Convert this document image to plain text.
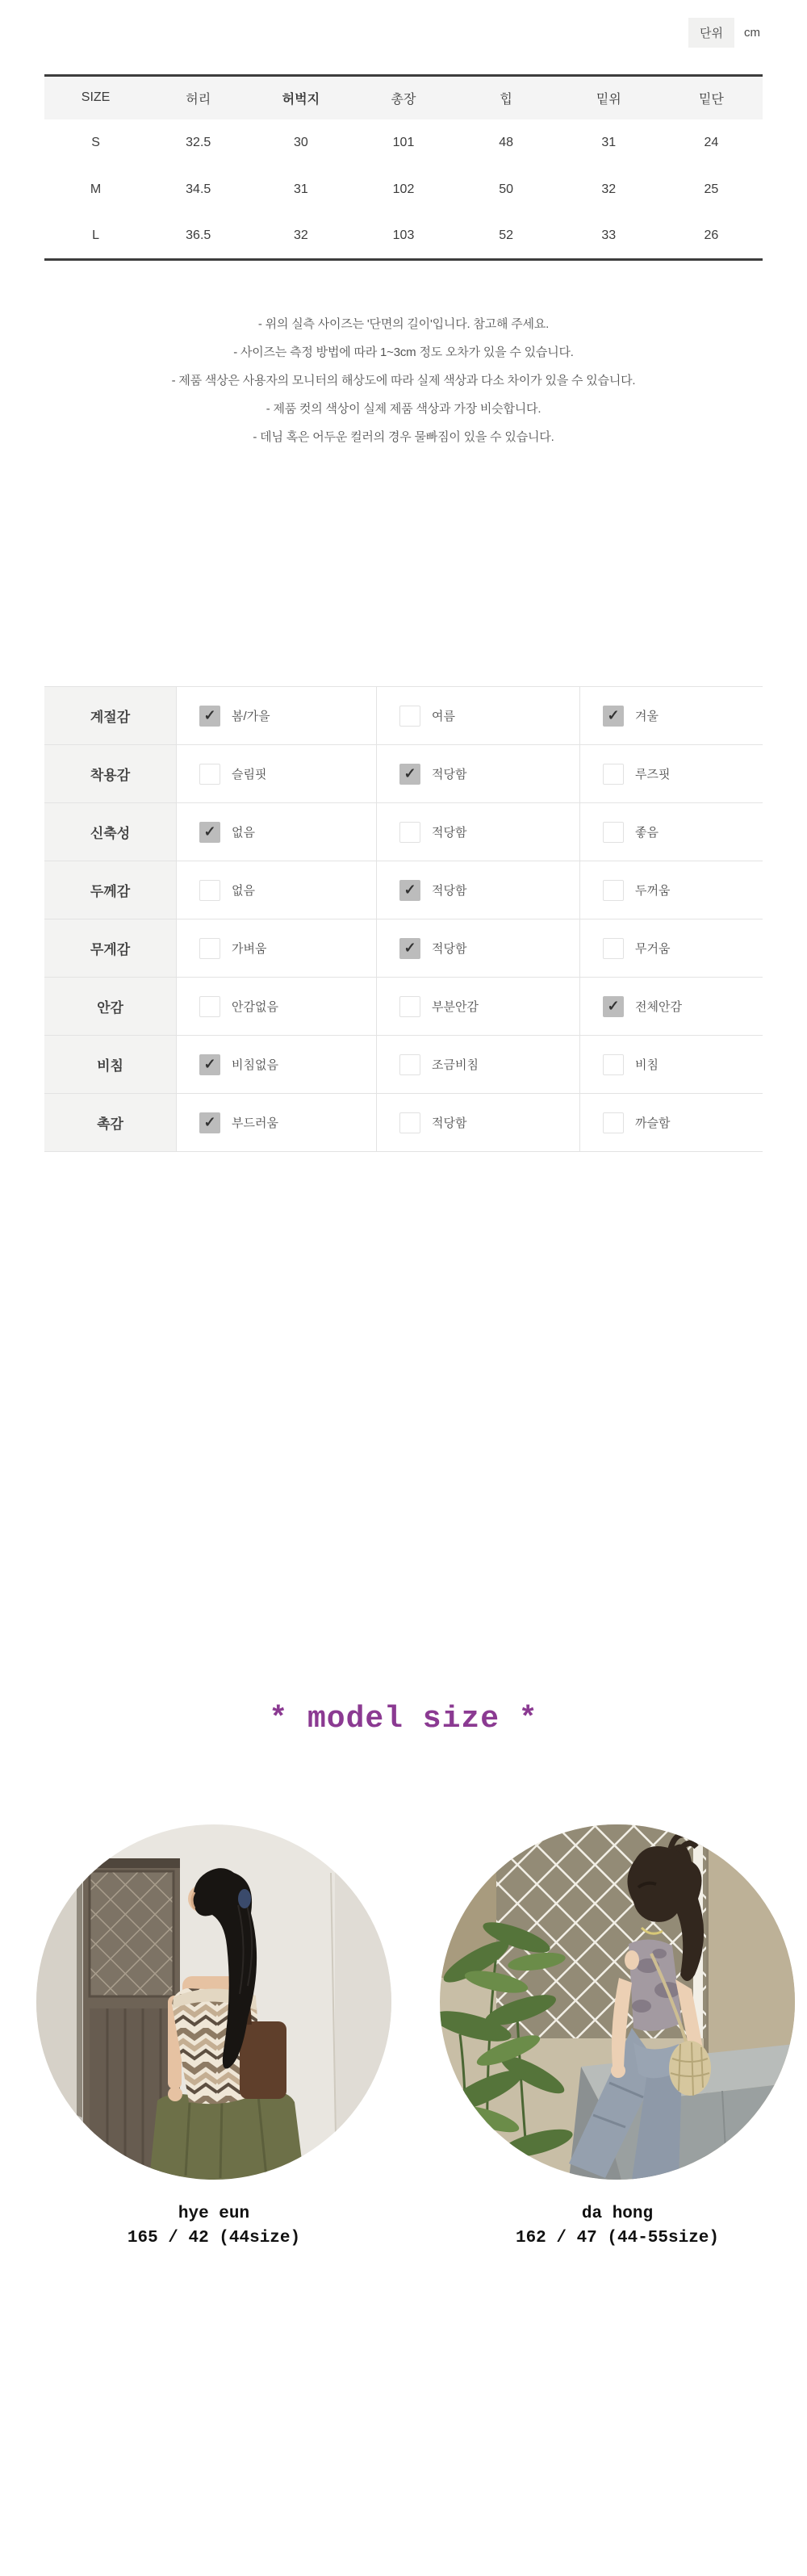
단위	cm
SIZE	허리	허벅지	총장	힙	밑위	밑단
S	32.5	30	101	48	31	24
M	34.5	31	102	50	32	25
L	36.5	32	103	52	33	26
- 위의 실측 사이즈는 '단면의 길이'입니다. 참고해 주세요.
- 사이즈는 측정 방법에 따라 1~3cm 정도 오차가 있을 수 있습니다.
- 제품 색상은 사용자의 모니터의 해상도에 따라 실제 색상과 다소 차이가 있을 수 있습니다.
- 제품 컷의 색상이 실제 제품 색상과 가장 비슷합니다.
- 데님 혹은 어두운 컬러의 경우 물빠짐이 있을 수 있습니다.
계절감	✓	봄/가을	여름	✓	겨울
착용감	슬림핏	✓	적당함	루즈핏
신축성	✓	없음	적당함	좋음
두께감	없음	✓	적당함	두꺼움
무게감	가벼움	✓	적당함	무거움
안감	안감없음	부분안감	✓	전체안감
비침	✓	비침없음	조금비침	비침
촉감	✓	부드러움	적당함	까슬함
* model size *
hye eun
165 / 42 (44size)
da hong
162 / 47 (44-55size)
